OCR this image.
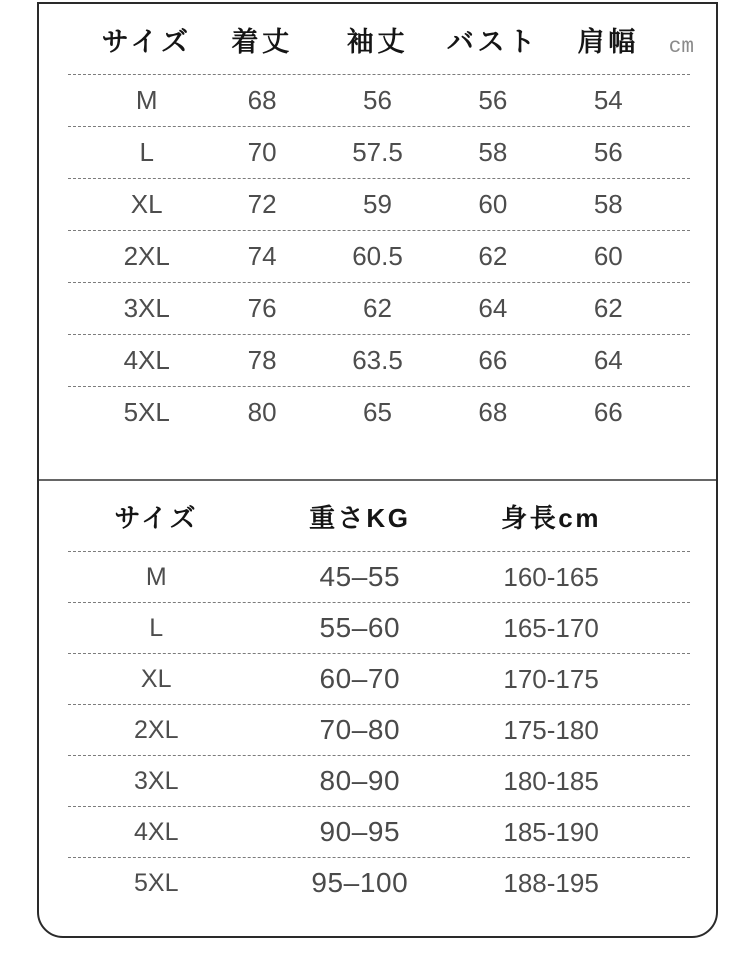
サイズ	着丈	袖丈	バスト	肩幅	cm
M	68	56	56	54
L	70	57.5	58	56
XL	72	59	60	58
2XL	74	60.5	62	60
3XL	76	62	64	62
4XL	78	63.5	66	64
5XL	80	65	68	66
サイズ	重さKG	身長cm
M	45–55	160-165
L	55–60	165-170
XL	60–70	170-175
2XL	70–80	175-180
3XL	80–90	180-185
4XL	90–95	185-190
5XL	95–100	188-195
